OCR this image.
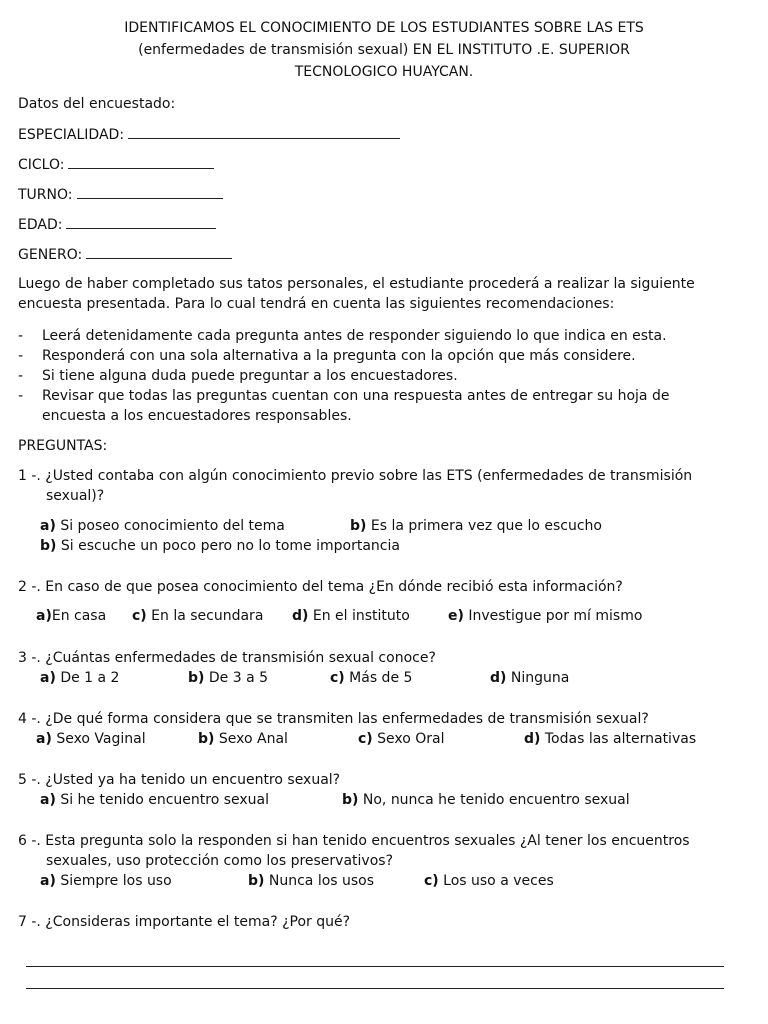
IDENTIFICAMOS EL CONOCIMIENTO DE LOS ESTUDIANTES SOBRE LAS ETS
(enfermedades de transmisión sexual) EN EL INSTITUTO .E. SUPERIOR
TECNOLOGICO HUAYCAN.
Datos del encuestado:
ESPECIALIDAD:
CICLO:
TURNO:
EDAD:
GENERO:
Luego de haber completado sus tatos personales, el estudiante procederá a realizar la siguiente
encuesta presentada. Para lo cual tendrá en cuenta las siguientes recomendaciones:
- Leerá detenidamente cada pregunta antes de responder siguiendo lo que indica en esta.
- Responderá con una sola alternativa a la pregunta con la opción que más considere.
- Si tiene alguna duda puede preguntar a los encuestadores.
- Revisar que todas las preguntas cuentan con una respuesta antes de entregar su hoja de
encuesta a los encuestadores responsables.
PREGUNTAS:
1 -. ¿Usted contaba con algún conocimiento previo sobre las ETS (enfermedades de transmisión
sexual)?
a) Si poseo conocimiento del tema	b) Es la primera vez que lo escucho
b) Si escuche un poco pero no lo tome importancia
2 -. En caso de que posea conocimiento del tema ¿En dónde recibió esta información?
a)En casa c) En la secundara d) En el instituto	e) Investigue por mí mismo
3 -. ¿Cuántas enfermedades de transmisión sexual conoce?
a) De 1 a 2	b) De 3 a 5	c) Más de 5	d) Ninguna
4 -. ¿De qué forma considera que se transmiten las enfermedades de transmisión sexual?
a) Sexo Vaginal	b) Sexo Anal	c) Sexo Oral	d) Todas las alternativas
5 -. ¿Usted ya ha tenido un encuentro sexual?
a) Si he tenido encuentro sexual	b) No, nunca he tenido encuentro sexual
6 -. Esta pregunta solo la responden si han tenido encuentros sexuales ¿Al tener los encuentros
sexuales, uso protección como los preservativos?
a) Siempre los uso	b) Nunca los usos	c) Los uso a veces
7 -. ¿Consideras importante el tema? ¿Por qué?
